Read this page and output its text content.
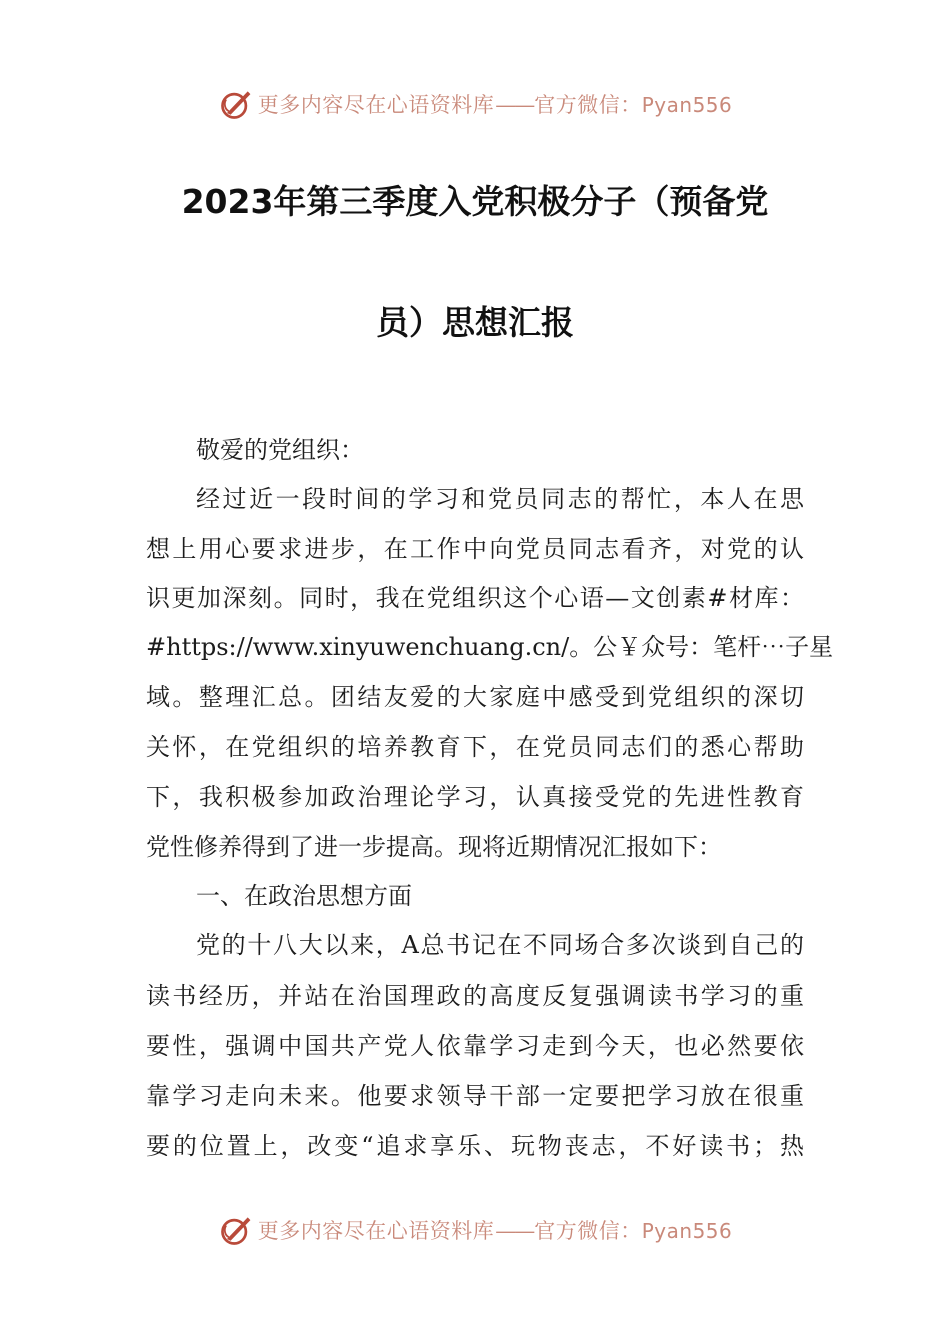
更多内容尽在心语资料库——官方微信：Pyan556
2023年第三季度入党积极分子（预备党
员）思想汇报
敬爱的党组织：
经过近一段时间的学习和党员同志的帮忙，本人在思
想上用心要求进步，在工作中向党员同志看齐，对党的认
识更加深刻。同时，我在党组织这个心语—文创素#材库：
#https://www.xinyuwenchuang.cn/。公￥众号：笔杆⋯子星
域。整理汇总。团结友爱的大家庭中感受到党组织的深切
关怀，在党组织的培养教育下，在党员同志们的悉心帮助
下，我积极参加政治理论学习，认真接受党的先进性教育
党性修养得到了进一步提高。现将近期情况汇报如下：
一、在政治思想方面
党的十八大以来，A总书记在不同场合多次谈到自己的
读书经历，并站在治国理政的高度反复强调读书学习的重
要性，强调中国共产党人依靠学习走到今天，也必然要依
靠学习走向未来。他要求领导干部一定要把学习放在很重
要的位置上，改变“追求享乐、玩物丧志，不好读书；热
更多内容尽在心语资料库——官方微信：Pyan556
